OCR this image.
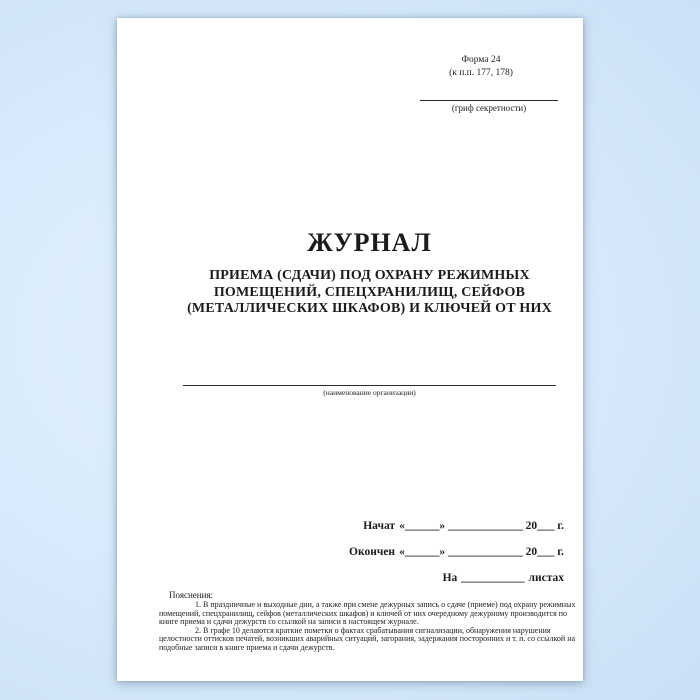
Форма 24
(к п.п. 177, 178)
(гриф секретности)
ЖУРНАЛ
ПРИЕМА (СДАЧИ) ПОД ОХРАНУ РЕЖИМНЫХ
ПОМЕЩЕНИЙ, СПЕЦХРАНИЛИЩ, СЕЙФОВ
(МЕТАЛЛИЧЕСКИХ ШКАФОВ) И КЛЮЧЕЙ ОТ НИХ
(наименование организации)
Начат «______» _____________ 20___ г.
Окончен «______» _____________ 20___ г.
На ___________ листах
Пояснения:

1. В праздничные и выходные дни, а также при смене дежурных запись о сдаче (приеме) под охрану режимных помещений, спецхранилищ, сейфов (металлических шкафов) и ключей от них очередному дежурному производится по книге приема и сдачи дежурств со ссылкой на записи в настоящем журнале.

2. В графе 10 делаются краткие пометки о фактах срабатывания сигнализации, обнаружения нарушения целостности оттисков печатей, возникших аварийных ситуаций, загорания, задержания посторонних и т. п. со ссылкой на подобные записи в книге приема и сдачи дежурств.
